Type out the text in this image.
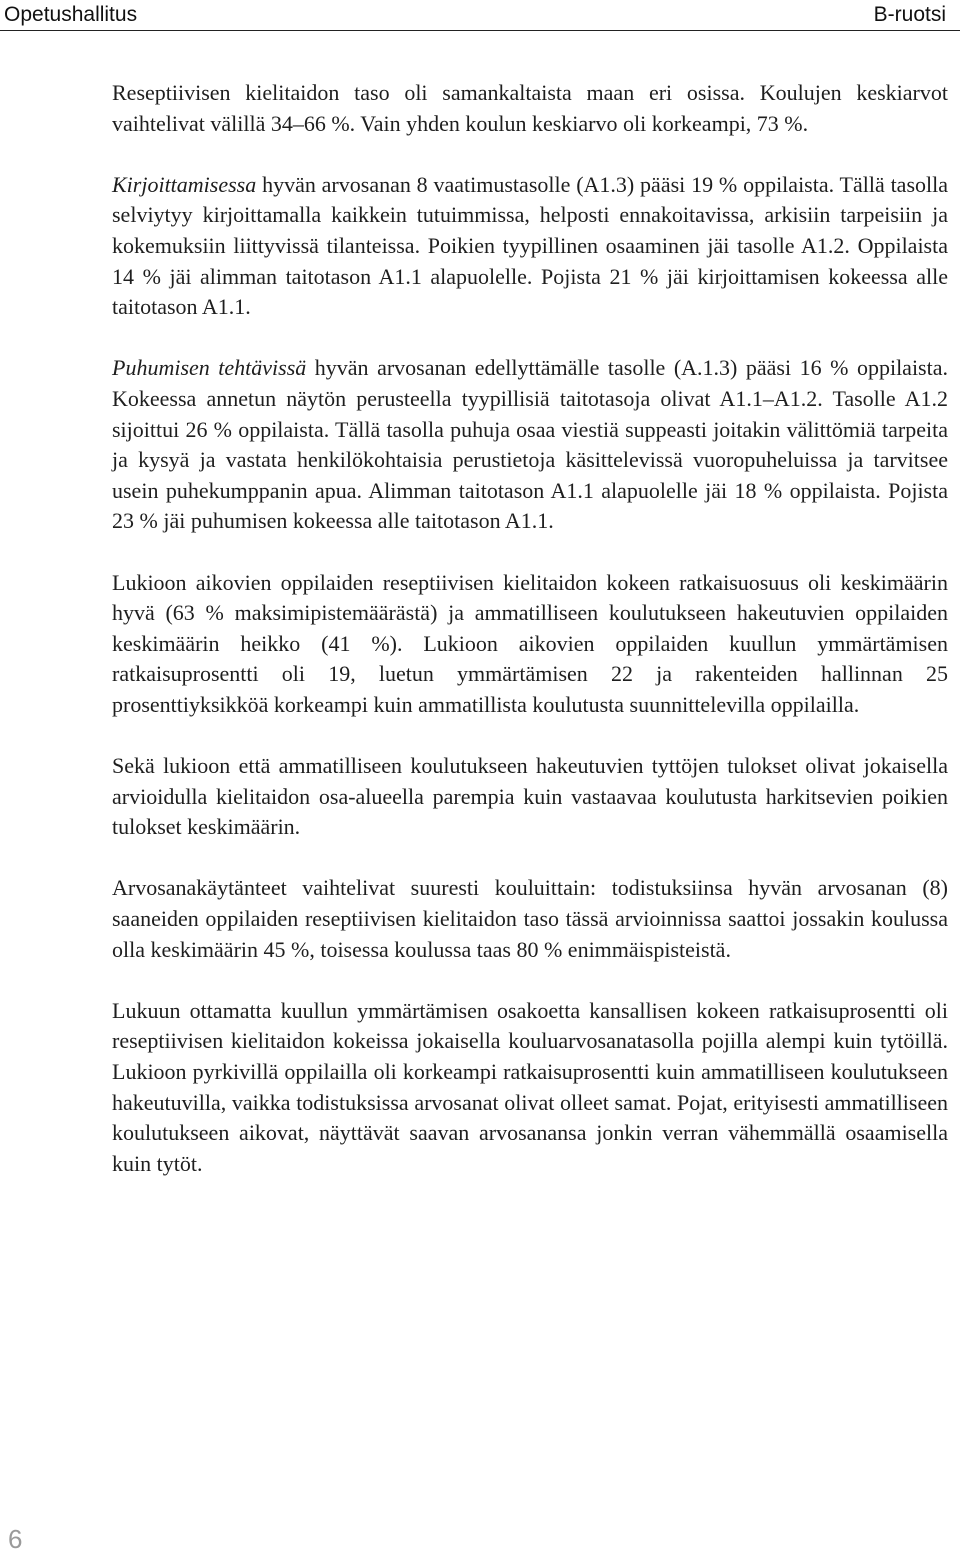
Opetushallitus	B-ruotsi

Reseptiivisen kielitaidon taso oli samankaltaista maan eri osissa. Koulujen keskiarvot vaihtelivat välillä 34–66 %. Vain yhden koulun keskiarvo oli korkeampi, 73 %.

Kirjoittamisessa hyvän arvosanan 8 vaatimustasolle (A1.3) pääsi 19 % oppilaista. Tällä tasolla selviytyy kirjoittamalla kaikkein tutuimmissa, helposti ennakoitavissa, arkisiin tarpeisiin ja kokemuksiin liittyvissä tilanteissa. Poikien tyypillinen osaaminen jäi tasolle A1.2. Oppilaista 14 % jäi alimman taitotason A1.1 alapuolelle. Pojista 21 % jäi kirjoittamisen kokeessa alle taitotason A1.1.

Puhumisen tehtävissä hyvän arvosanan edellyttämälle tasolle (A.1.3) pääsi 16 % oppilaista. Kokeessa annetun näytön perusteella tyypillisiä taitotasoja olivat A1.1–A1.2. Tasolle A1.2 sijoittui 26 % oppilaista. Tällä tasolla puhuja osaa viestiä suppeasti joitakin välittömiä tarpeita ja kysyä ja vastata henkilökohtaisia perustietoja käsittelevissä vuoropuheluissa ja tarvitsee usein puhekumppanin apua. Alimman taitotason A1.1 alapuolelle jäi 18 % oppilaista. Pojista 23 % jäi puhumisen kokeessa alle taitotason A1.1.

Lukioon aikovien oppilaiden reseptiivisen kielitaidon kokeen ratkaisuosuus oli keskimäärin hyvä (63 % maksimipistemäärästä) ja ammatilliseen koulutukseen hakeutuvien oppilaiden keskimäärin heikko (41 %). Lukioon aikovien oppilaiden kuullun ymmärtämisen ratkaisuprosentti oli 19, luetun ymmärtämisen 22 ja rakenteiden hallinnan 25 prosenttiyksikköä korkeampi kuin ammatillista koulutusta suunnittelevilla oppilailla.

Sekä lukioon että ammatilliseen koulutukseen hakeutuvien tyttöjen tulokset olivat jokaisella arvioidulla kielitaidon osa-alueella parempia kuin vastaavaa koulutusta harkitsevien poikien tulokset keskimäärin.

Arvosanakäytänteet vaihtelivat suuresti kouluittain: todistuksiinsa hyvän arvosanan (8) saaneiden oppilaiden reseptiivisen kielitaidon taso tässä arvioinnissa saattoi jossakin koulussa olla keskimäärin 45 %, toisessa koulussa taas 80 % enimmäispisteistä.

Lukuun ottamatta kuullun ymmärtämisen osakoetta kansallisen kokeen ratkaisuprosentti oli reseptiivisen kielitaidon kokeissa jokaisella kouluarvosanatasolla pojilla alempi kuin tytöillä. Lukioon pyrkivillä oppilailla oli korkeampi ratkaisuprosentti kuin ammatilliseen koulutukseen hakeutuvilla, vaikka todistuksissa arvosanat olivat olleet samat. Pojat, erityisesti ammatilliseen koulutukseen aikovat, näyttävät saavan arvosanansa jonkin verran vähemmällä osaamisella kuin tytöt.

6
